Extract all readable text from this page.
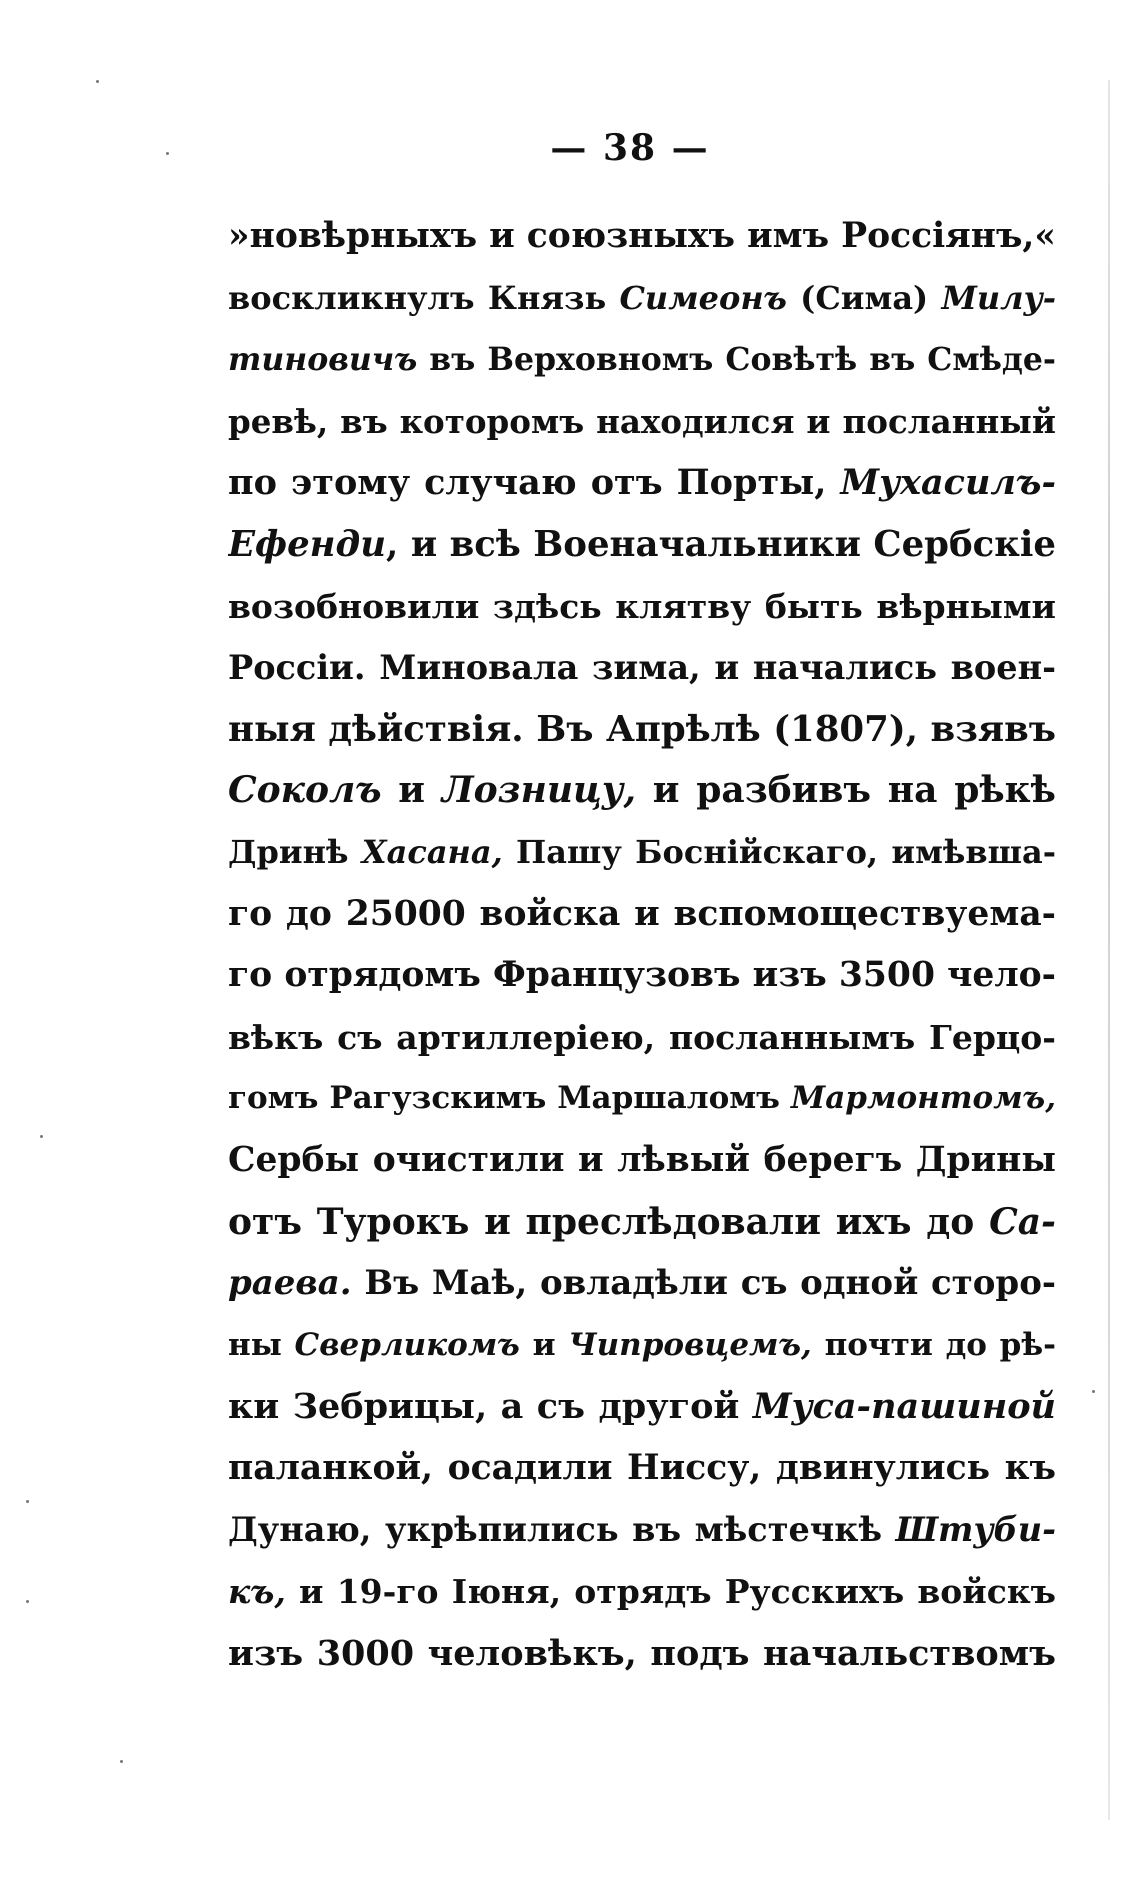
— 38 —
»новѣрныхъ и союзныхъ имъ Россіянъ,«
воскликнулъ Князь Симеонъ (Сима) Милу-
тиновичъ въ Верховномъ Совѣтѣ въ Смѣде-
ревѣ, въ которомъ находился и посланный
по этому случаю отъ Порты, Мухасилъ-
Ефенди, и всѣ Военачальники Сербскіе
возобновили здѣсь клятву быть вѣрными
Россіи. Миновала зима, и начались воен-
ныя дѣйствія. Въ Апрѣлѣ (1807), взявъ
Соколъ и Лозницу, и разбивъ на рѣкѣ
Дринѣ Хасана, Пашу Боснійскаго, имѣвша-
го до 25000 войска и вспомоществуема-
го отрядомъ Французовъ изъ 3500 чело-
вѣкъ съ артиллеріею, посланнымъ Герцо-
гомъ Рагузскимъ Маршаломъ Мармонтомъ,
Сербы очистили и лѣвый берегъ Дрины
отъ Турокъ и преслѣдовали ихъ до Са-
раева. Въ Маѣ, овладѣли съ одной сторо-
ны Сверликомъ и Чипровцемъ, почти до рѣ-
ки Зебрицы, а съ другой Муса-пашиной
паланкой, осадили Ниссу, двинулись къ
Дунаю, укрѣпились въ мѣстечкѣ Штуби-
къ, и 19-го Іюня, отрядъ Русскихъ войскъ
изъ 3000 человѣкъ, подъ начальствомъ
